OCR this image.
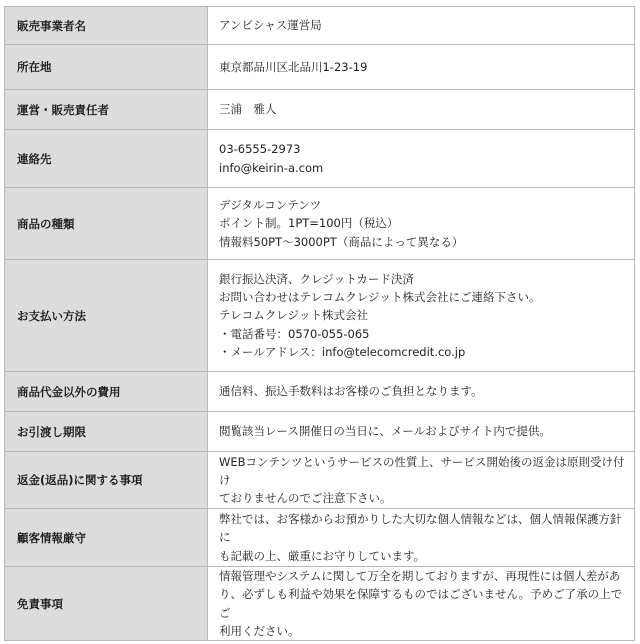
販売事業者名	アンビシャス運営局

所在地	東京都品川区北品川1-23-19

運営・販売責任者	三浦　雅人

連絡先	03-6555-2973
info@keirin-a.com

商品の種類	デジタルコンテンツ
ポイント制。1PT=100円（税込）
情報料50PT〜3000PT（商品によって異なる）

お支払い方法	銀行振込決済、クレジットカード決済
お問い合わせはテレコムクレジット株式会社にご連絡下さい。
テレコムクレジット株式会社
・電話番号：0570-055-065
・メールアドレス：info@telecomcredit.co.jp

商品代金以外の費用	通信料、振込手数料はお客様のご負担となります。

お引渡し期限	閲覧該当レース開催日の当日に、メールおよびサイト内で提供。

返金(返品)に関する事項	WEBコンテンツというサービスの性質上、サービス開始後の返金は原則受け付け
ておりませんのでご注意下さい。

顧客情報厳守	弊社では、お客様からお預かりした大切な個人情報などは、個人情報保護方針に
も記載の上、厳重にお守りしています。

免責事項	情報管理やシステムに関して万全を期しておりますが、再現性には個人差があ
り、必ずしも利益や効果を保障するものではございません。予めご了承の上でご
利用ください。
